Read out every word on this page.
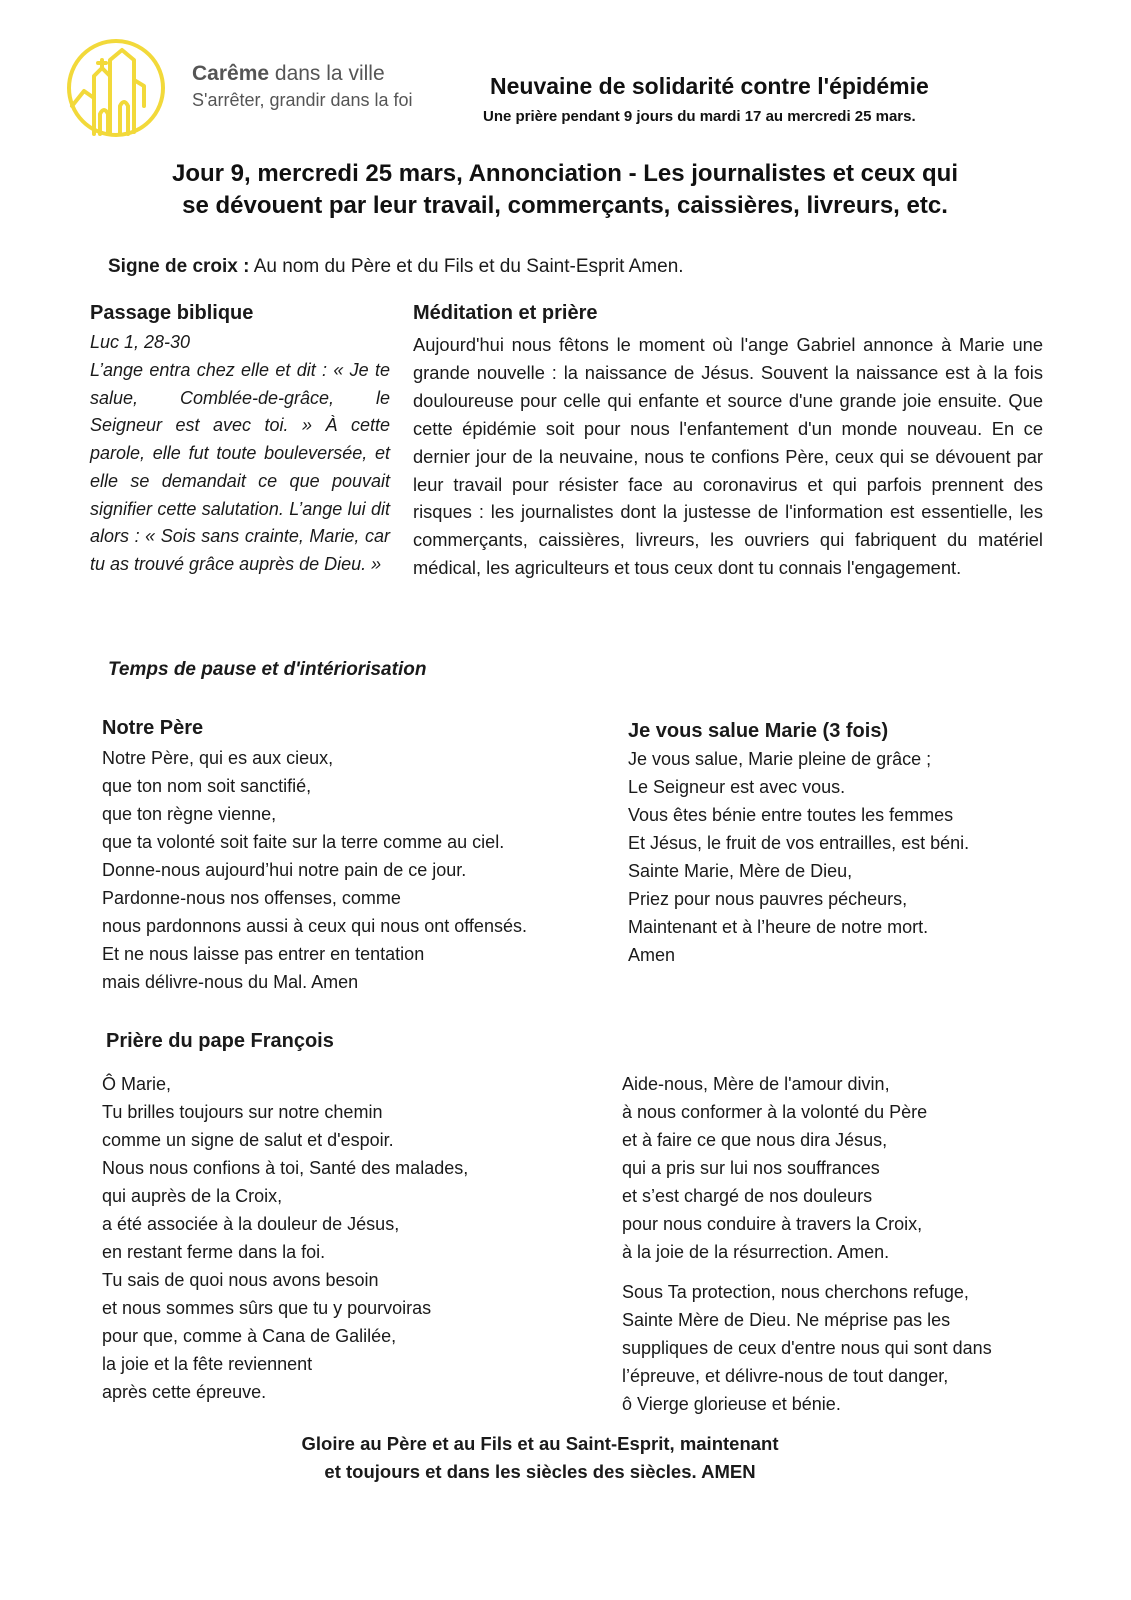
Carême dans la ville
S'arrêter, grandir dans la foi
Neuvaine de solidarité contre l'épidémie
Une prière pendant 9 jours du mardi 17 au mercredi 25 mars.
Jour 9, mercredi 25 mars, Annonciation - Les journalistes et ceux qui
se dévouent par leur travail, commerçants, caissières, livreurs, etc.
Signe de croix : Au nom du Père et du Fils et du Saint-Esprit Amen.
Passage biblique
Luc 1, 28-30
L’ange entra chez elle et dit : « Je te salue, Comblée-de-grâce, le Seigneur est avec toi. » À cette parole, elle fut toute bouleversée, et elle se demandait ce que pouvait signifier cette salutation. L’ange lui dit alors : « Sois sans crainte, Marie, car tu as trouvé grâce auprès de Dieu. »
Méditation et prière
Aujourd'hui nous fêtons le moment où l'ange Gabriel annonce à Marie une grande nouvelle : la naissance de Jésus. Souvent la naissance est à la fois douloureuse pour celle qui enfante et source d'une grande joie ensuite. Que cette épidémie soit pour nous l'enfantement d'un monde nouveau. En ce dernier jour de la neuvaine, nous te confions Père, ceux qui se dévouent par leur travail pour résister face au coronavirus et qui parfois prennent des risques : les journalistes dont la justesse de l'information est essentielle, les commerçants, caissières, livreurs, les ouvriers qui fabriquent du matériel médical, les agriculteurs et tous ceux dont tu connais l'engagement.
Temps de pause et d'intériorisation
Notre Père
Notre Père, qui es aux cieux,
que ton nom soit sanctifié,
que ton règne vienne,
que ta volonté soit faite sur la terre comme au ciel.
Donne-nous aujourd’hui notre pain de ce jour.
Pardonne-nous nos offenses, comme
nous pardonnons aussi à ceux qui nous ont offensés.
Et ne nous laisse pas entrer en tentation
mais délivre-nous du Mal. Amen
Je vous salue Marie (3 fois)
Je vous salue, Marie pleine de grâce ;
Le Seigneur est avec vous.
Vous êtes bénie entre toutes les femmes
Et Jésus, le fruit de vos entrailles, est béni.
Sainte Marie, Mère de Dieu,
Priez pour nous pauvres pécheurs,
Maintenant et à l’heure de notre mort.
Amen
Prière du pape François
Ô Marie,
Tu brilles toujours sur notre chemin
comme un signe de salut et d'espoir.
Nous nous confions à toi, Santé des malades,
qui auprès de la Croix,
a été associée à la douleur de Jésus,
en restant ferme dans la foi.
Tu sais de quoi nous avons besoin
et nous sommes sûrs que tu y pourvoiras
pour que, comme à Cana de Galilée,
la joie et la fête reviennent
après cette épreuve.
Aide-nous, Mère de l'amour divin,
à nous conformer à la volonté du Père
et à faire ce que nous dira Jésus,
qui a pris sur lui nos souffrances
et s’est chargé de nos douleurs
pour nous conduire à travers la Croix,
à la joie de la résurrection. Amen.
Sous Ta protection, nous cherchons refuge,
Sainte Mère de Dieu. Ne méprise pas les
suppliques de ceux d'entre nous qui sont dans
l’épreuve, et délivre-nous de tout danger,
ô Vierge glorieuse et bénie.
Gloire au Père et au Fils et au Saint-Esprit, maintenant
et toujours et dans les siècles des siècles. AMEN
